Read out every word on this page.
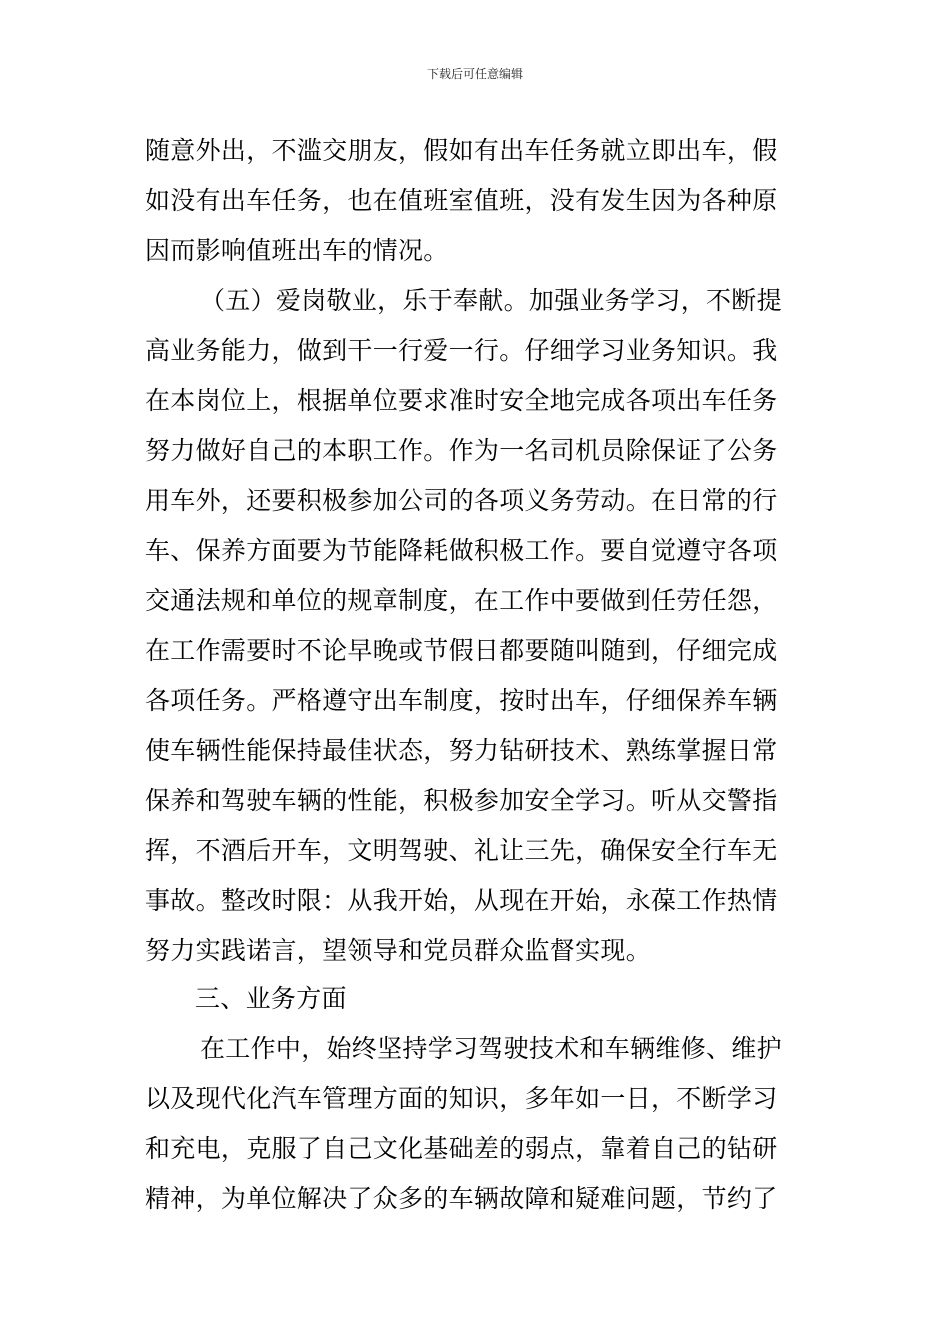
下载后可任意编辑
随意外出，不滥交朋友，假如有出车任务就立即出车，假
如没有出车任务，也在值班室值班，没有发生因为各种原
因而影响值班出车的情况。
（五）爱岗敬业，乐于奉献。加强业务学习，不断提
高业务能力，做到干一行爱一行。仔细学习业务知识。我
在本岗位上，根据单位要求准时安全地完成各项出车任务
努力做好自己的本职工作。作为一名司机员除保证了公务
用车外，还要积极参加公司的各项义务劳动。在日常的行
车、保养方面要为节能降耗做积极工作。要自觉遵守各项
交通法规和单位的规章制度，在工作中要做到任劳任怨，
在工作需要时不论早晚或节假日都要随叫随到，仔细完成
各项任务。严格遵守出车制度，按时出车，仔细保养车辆
使车辆性能保持最佳状态，努力钻研技术、熟练掌握日常
保养和驾驶车辆的性能，积极参加安全学习。听从交警指
挥，不酒后开车，文明驾驶、礼让三先，确保安全行车无
事故。整改时限：从我开始，从现在开始，永葆工作热情
努力实践诺言，望领导和党员群众监督实现。
三、业务方面
在工作中，始终坚持学习驾驶技术和车辆维修、维护
以及现代化汽车管理方面的知识，多年如一日，不断学习
和充电，克服了自己文化基础差的弱点，靠着自己的钻研
精神，为单位解决了众多的车辆故障和疑难问题，节约了
